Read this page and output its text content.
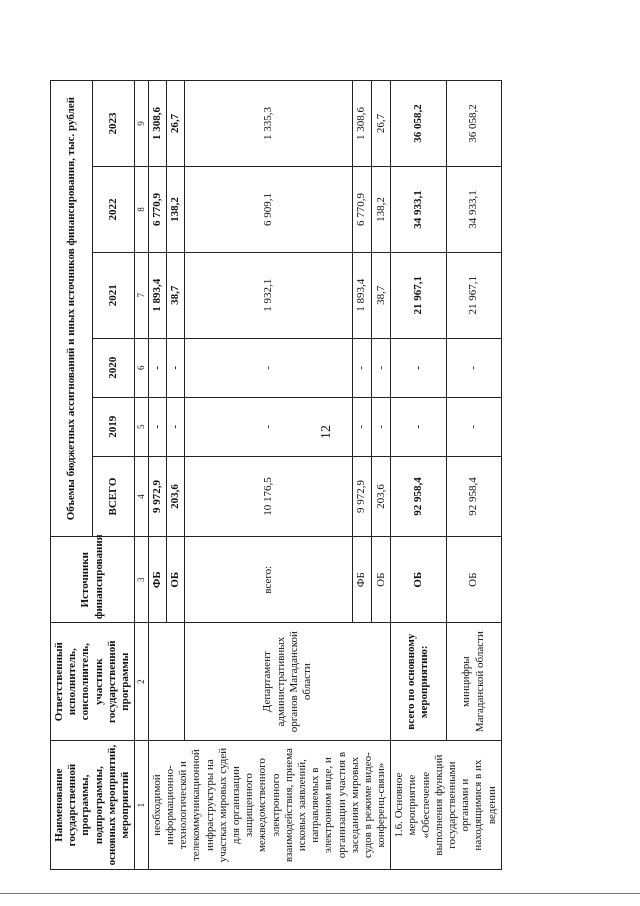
12
Наименование государственной программы, подпрограммы, основных мероприятий, мероприятий	Ответственный исполнитель, соисполнитель, участник государственной программы	Источники финансирования	Объемы бюджетных ассигнований и иных источников финансирования, тыс. рублей					
			ВСЕГО	2019	2020	2021	2022	2023
1	2	3	4	5	6	7	8	9
необходимой информационно-технологической и телекоммуникационной инфраструктуры на участках мировых судей для организации защищенного межведомственного электронного взаимодействия, приема исковых заявлений, направляемых в электронном виде, и организации участия в заседаниях мировых судов в режиме видео-конференц-связи»		ФБ	9 972,9	-	-	1 893,4	6 770,9	1 308,6
		ОБ	203,6	-	-	38,7	138,2	26,7
	Департамент административных органов Магаданской области	всего:	10 176,5	-	-	1 932,1	6 909,1	1 335,3
		ФБ	9 972,9	-	-	1 893,4	6 770,9	1 308,6
		ОБ	203,6	-	-	38,7	138,2	26,7
1.6. Основное мероприятие «Обеспечение выполнения функций государственными органами и находящимися в их ведении	всего по основному мероприятию:	ОБ	92 958,4	-	-	21 967,1	34 933,1	36 058,2
	минцифры Магаданской области	ОБ	92 958,4	-	-	21 967,1	34 933,1	36 058,2
